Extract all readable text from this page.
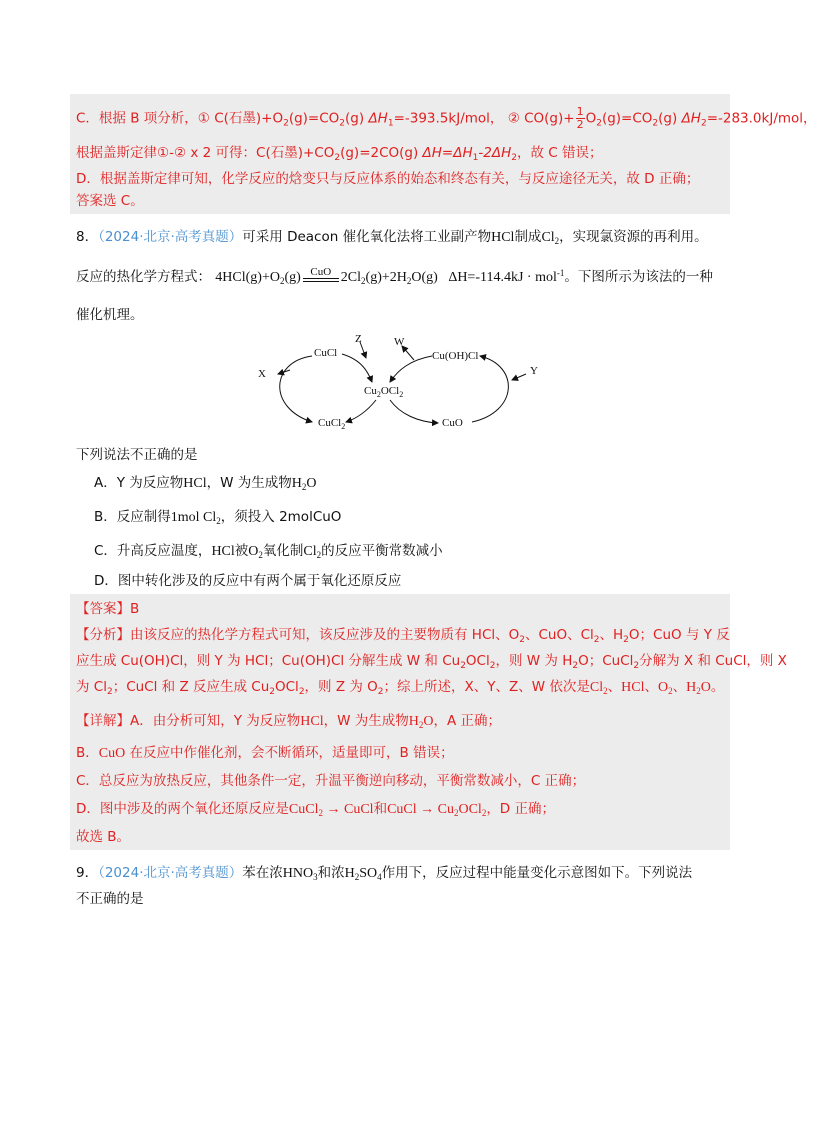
C．根据 B 项分析，① C(石墨)$+O_2(g)=CO_2(g)$ $\Delta H_1=-393.5kJ$/mol， ② $CO(g)+ \frac{1}{2} O_2(g)=CO_2(g)$ $\Delta H_2=-283.0kJ$/mol，
根据盖斯定律①-② x 2 可得：C(石墨)$+CO_2(g)=2CO(g)$ $\Delta H=\Delta H_1-2\Delta H_2$，故 C 错误；
D．根据盖斯定律可知，化学反应的焓变只与反应体系的始态和终态有关，与反应途径无关，故 D 正确；
答案选 C。
8．（2024·北京·高考真题）可采用 Deacon 催化氧化法将工业副产物HCl制成$Cl_2$，实现氯资源的再利用。
反应的热化学方程式： $4HCl(g)+O_2(g)$ CuO $2Cl_2(g)+2H_2O(g) \Delta H=-114.4kJ \cdot mol^{-1}$。下图所示为该法的一种
催化机理。
CuCl
Z	W
Cu(OH)Cl
X	Y
$Cu_2OCl_2$
CuCl$_2$	CuO
下列说法不正确的是
A．Y 为反应物HCl，W 为生成物$H_2O$
B．反应制得1mol $Cl_2$，须投入 2molCuO
C．升高反应温度，HCl被$O_2$氧化制$Cl_2$的反应平衡常数减小
D．图中转化涉及的反应中有两个属于氧化还原反应
【答案】B
【分析】由该反应的热化学方程式可知，该反应涉及的主要物质有 HCl、$O_2$、CuO、$Cl_2$、$H_2O$；CuO 与 Y 反
应生成 Cu(OH)Cl，则 Y 为 HCl；Cu(OH)Cl 分解生成 W 和 $Cu_2OCl_2$，则 W 为 $H_2O$；CuCl$_2$分解为 X 和 CuCl，则 X
为 $Cl_2$；CuCl 和 Z 反应生成 $Cu_2OCl_2$，则 Z 为 $O_2$；综上所述，X、Y、Z、W 依次是$Cl_2$、HCl、$O_2$、$H_2O$。
【详解】A．由分析可知，Y 为反应物HCl，W 为生成物$H_2O$，A 正确；
B．CuO 在反应中作催化剂，会不断循环，适量即可，B 错误；
C．总反应为放热反应，其他条件一定，升温平衡逆向移动，平衡常数减小，C 正确；
D．图中涉及的两个氧化还原反应是CuCl$_2$ → CuCl和CuCl → $Cu_2OCl_2$，D 正确；
故选 B。
9．（2024·北京·高考真题）苯在浓$HNO_3$和浓$H_2SO_4$作用下，反应过程中能量变化示意图如下。下列说法
不正确的是
